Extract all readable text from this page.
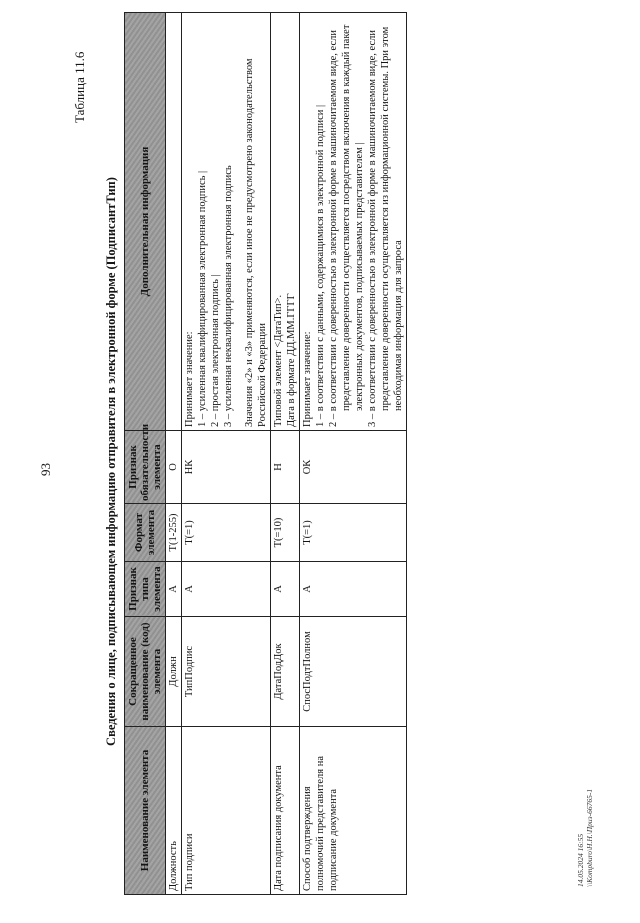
93
Таблица 11.6
Сведения о лице, подписывающем информацию отправителя в электронной форме (ПодписантТип)
Наименование элемента	Сокращенное наименование (код) элемента	Признак типа элемента	Формат элемента	Признак обязательности элемента	Дополнительная информация
Должность	Должн	А	T(1-255)	О	
Тип подписи	ТипПодпис	А	T(=1)	НК	Принимает значение: 1 – усиленная квалифицированная электронная подпись | 2 – простая электронная подпись | 3 – усиленная неквалифицированная электронная подпись Значения «2» и «3» применяются, если иное не предусмотрено законодательством Российской Федерации

Дата подписания документа	ДатаПодДок	А	T(=10)	Н	Типовой элемент <ДатаТип>. Дата в формате ДД.ММ.ГГГГ

Способ подтверждения полномочий представителя на подписание документа	СпосПодтПолном	А	T(=1)	ОК	Принимает значение: 1 – в соответствии с данными, содержащимися в электронной подписи | 2 – в соответствии с доверенностью в электронной форме в машиночитаемом виде, если представление доверенности осуществляется посредством включения в каждый пакет электронных документов, подписываемых представителем | 3 – в соответствии с доверенностью в электронной форме в машиночитаемом виде, если представление доверенности осуществляется из информационной системы. При этом необходимая информация для запроса

14.05.2024 16:55 \\Kompburo\Н.Н.\Приз-66765-1
